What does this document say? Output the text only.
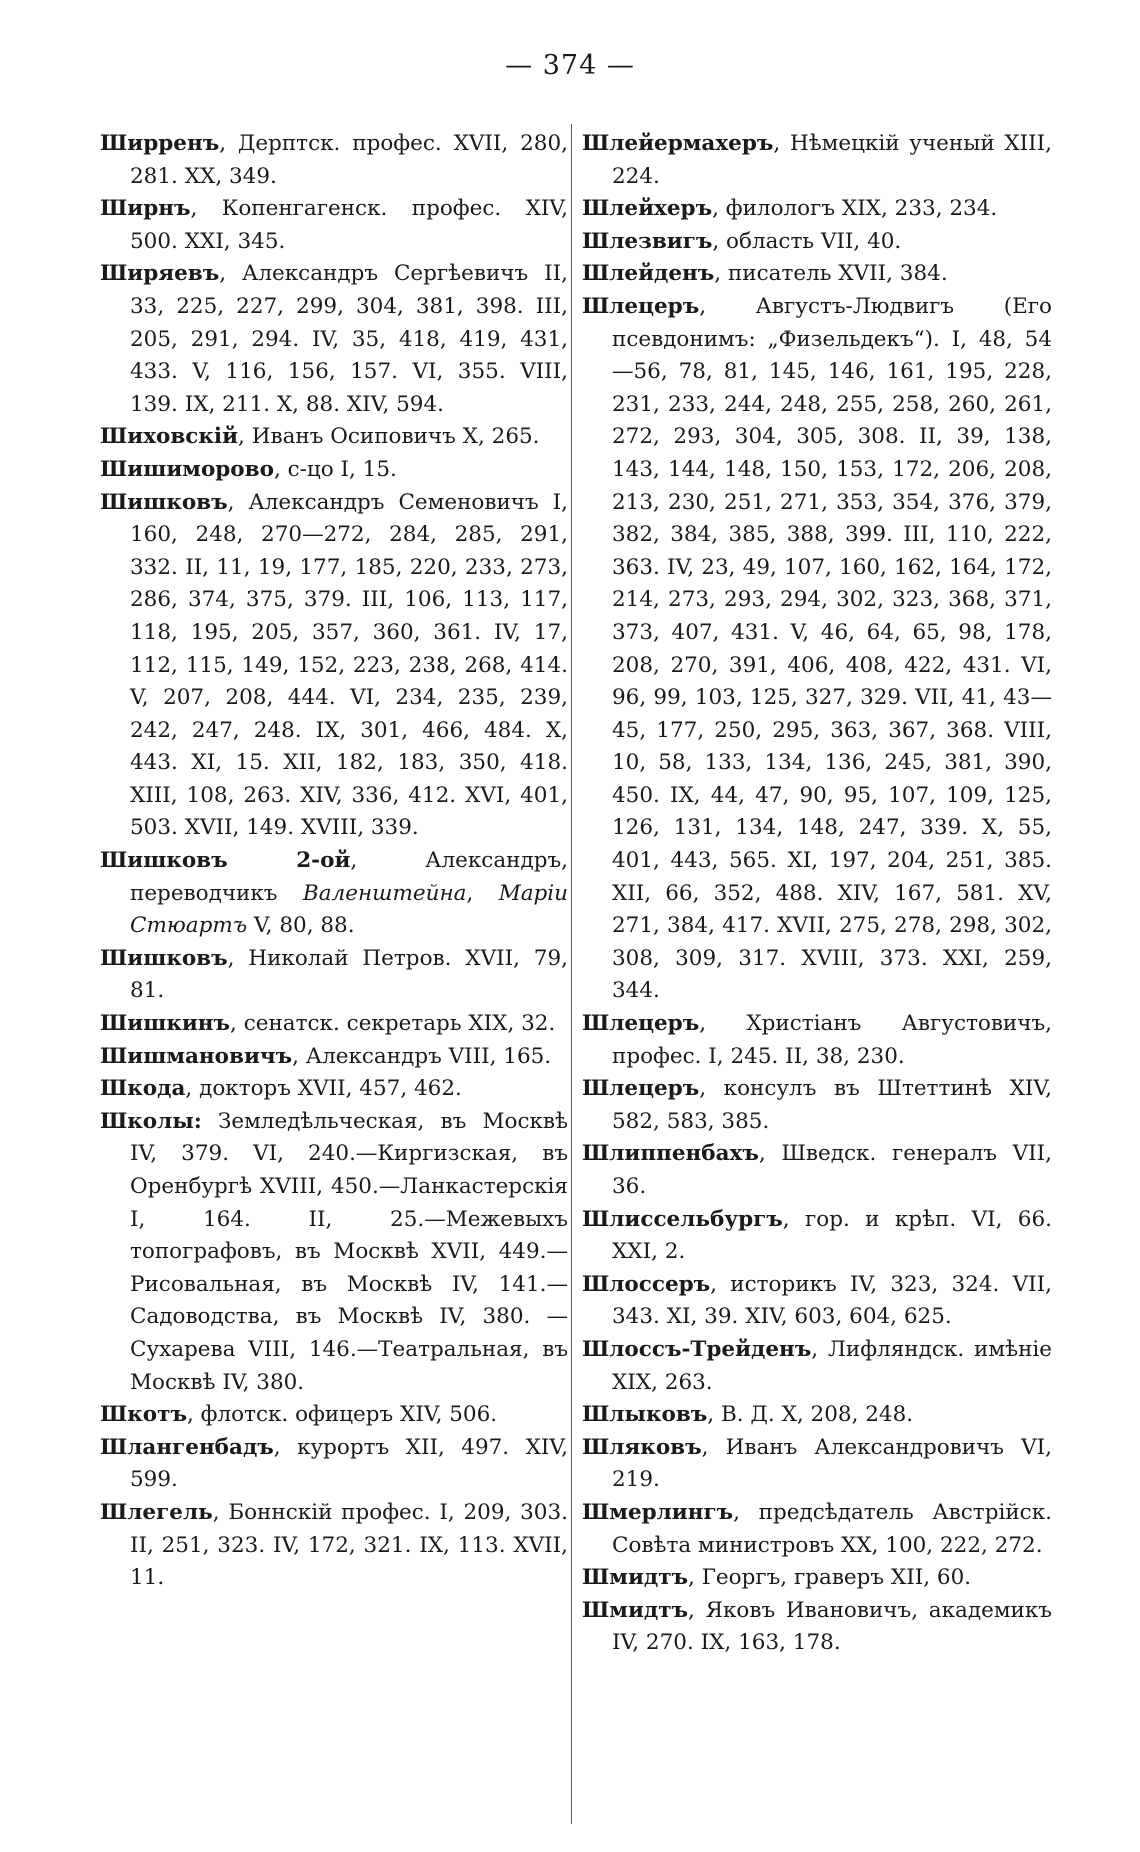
— 374 —
Ширренъ, Дерптск. профес. XVII, 280, 281. XX, 349.
Ширнъ, Копенгагенск. профес. XIV, 500. XXI, 345.
Ширяевъ, Александръ Сергѣевичъ II, 33, 225, 227, 299, 304, 381, 398. III, 205, 291, 294. IV, 35, 418, 419, 431, 433. V, 116, 156, 157. VI, 355. VIII, 139. IX, 211. X, 88. XIV, 594.
Шиховскій, Иванъ Осиповичъ X, 265.
Шишиморово, с-цо I, 15.
Шишковъ, Александръ Семеновичъ I, 160, 248, 270—272, 284, 285, 291, 332. II, 11, 19, 177, 185, 220, 233, 273, 286, 374, 375, 379. III, 106, 113, 117, 118, 195, 205, 357, 360, 361. IV, 17, 112, 115, 149, 152, 223, 238, 268, 414. V, 207, 208, 444. VI, 234, 235, 239, 242, 247, 248. IX, 301, 466, 484. X, 443. XI, 15. XII, 182, 183, 350, 418. XIII, 108, 263. XIV, 336, 412. XVI, 401, 503. XVII, 149. XVIII, 339.
Шишковъ 2-ой, Александръ, переводчикъ Валенштейна, Маріи Стюартъ V, 80, 88.
Шишковъ, Николай Петров. XVII, 79, 81.
Шишкинъ, сенатск. секретарь XIX, 32.
Шишмановичъ, Александръ VIII, 165.
Шкода, докторъ XVII, 457, 462.
Школы: Земледѣльческая, въ Москвѣ IV, 379. VI, 240.—Киргизская, въ Оренбургѣ XVIII, 450.—Ланкастерскія I, 164. II, 25.—Межевыхъ топографовъ, въ Москвѣ XVII, 449.—Рисовальная, въ Москвѣ IV, 141.—Садоводства, въ Москвѣ IV, 380. — Сухарева VIII, 146.—Театральная, въ Москвѣ IV, 380.
Шкотъ, флотск. офицеръ XIV, 506.
Шлангенбадъ, курортъ XII, 497. XIV, 599.
Шлегель, Боннскій профес. I, 209, 303. II, 251, 323. IV, 172, 321. IX, 113. XVII, 11.
Шлейермахеръ, Нѣмецкій ученый XIII, 224.
Шлейхеръ, филологъ XIX, 233, 234.
Шлезвигъ, область VII, 40.
Шлейденъ, писатель XVII, 384.
Шлецеръ, Августъ-Людвигъ (Его псевдонимъ: „Физельдекъ“). I, 48, 54—56, 78, 81, 145, 146, 161, 195, 228, 231, 233, 244, 248, 255, 258, 260, 261, 272, 293, 304, 305, 308. II, 39, 138, 143, 144, 148, 150, 153, 172, 206, 208, 213, 230, 251, 271, 353, 354, 376, 379, 382, 384, 385, 388, 399. III, 110, 222, 363. IV, 23, 49, 107, 160, 162, 164, 172, 214, 273, 293, 294, 302, 323, 368, 371, 373, 407, 431. V, 46, 64, 65, 98, 178, 208, 270, 391, 406, 408, 422, 431. VI, 96, 99, 103, 125, 327, 329. VII, 41, 43—45, 177, 250, 295, 363, 367, 368. VIII, 10, 58, 133, 134, 136, 245, 381, 390, 450. IX, 44, 47, 90, 95, 107, 109, 125, 126, 131, 134, 148, 247, 339. X, 55, 401, 443, 565. XI, 197, 204, 251, 385. XII, 66, 352, 488. XIV, 167, 581. XV, 271, 384, 417. XVII, 275, 278, 298, 302, 308, 309, 317. XVIII, 373. XXI, 259, 344.
Шлецеръ, Христіанъ Августовичъ, профес. I, 245. II, 38, 230.
Шлецеръ, консулъ въ Штеттинѣ XIV, 582, 583, 385.
Шлиппенбахъ, Шведск. генералъ VII, 36.
Шлиссельбургъ, гор. и крѣп. VI, 66. XXI, 2.
Шлоссеръ, историкъ IV, 323, 324. VII, 343. XI, 39. XIV, 603, 604, 625.
Шлоссъ-Трейденъ, Лифляндск. имѣніе XIX, 263.
Шлыковъ, В. Д. X, 208, 248.
Шляковъ, Иванъ Александровичъ VI, 219.
Шмерлингъ, предсѣдатель Австрійск. Совѣта министровъ XX, 100, 222, 272.
Шмидтъ, Георгъ, граверъ XII, 60.
Шмидтъ, Яковъ Ивановичъ, академикъ IV, 270. IX, 163, 178.
